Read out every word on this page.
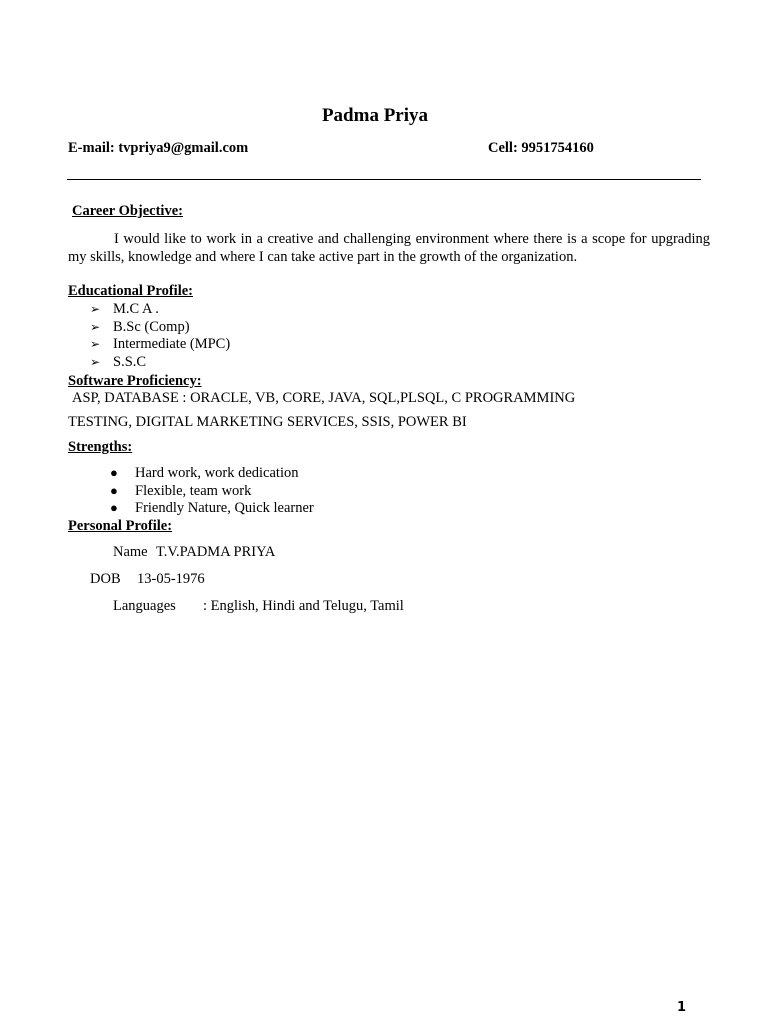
Padma Priya
E-mail: tvpriya9@gmail.com	Cell: 9951754160
Career Objective:
I would like to work in a creative and challenging environment where there is a scope for upgrading my skills, knowledge and where I can take active part in the growth of the organization.
Educational Profile:
➢ M.C A .
➢ B.Sc (Comp)
➢ Intermediate (MPC)
➢ S.S.C
Software Proficiency:
ASP, DATABASE : ORACLE, VB, CORE, JAVA, SQL,PLSQL, C PROGRAMMING
TESTING, DIGITAL MARKETING SERVICES, SSIS, POWER BI
Strengths:
● Hard work, work dedication
● Flexible, team work
● Friendly Nature, Quick learner
Personal Profile:
Name T.V.PADMA PRIYA
DOB 13-05-1976
Languages : English, Hindi and Telugu, Tamil
1
